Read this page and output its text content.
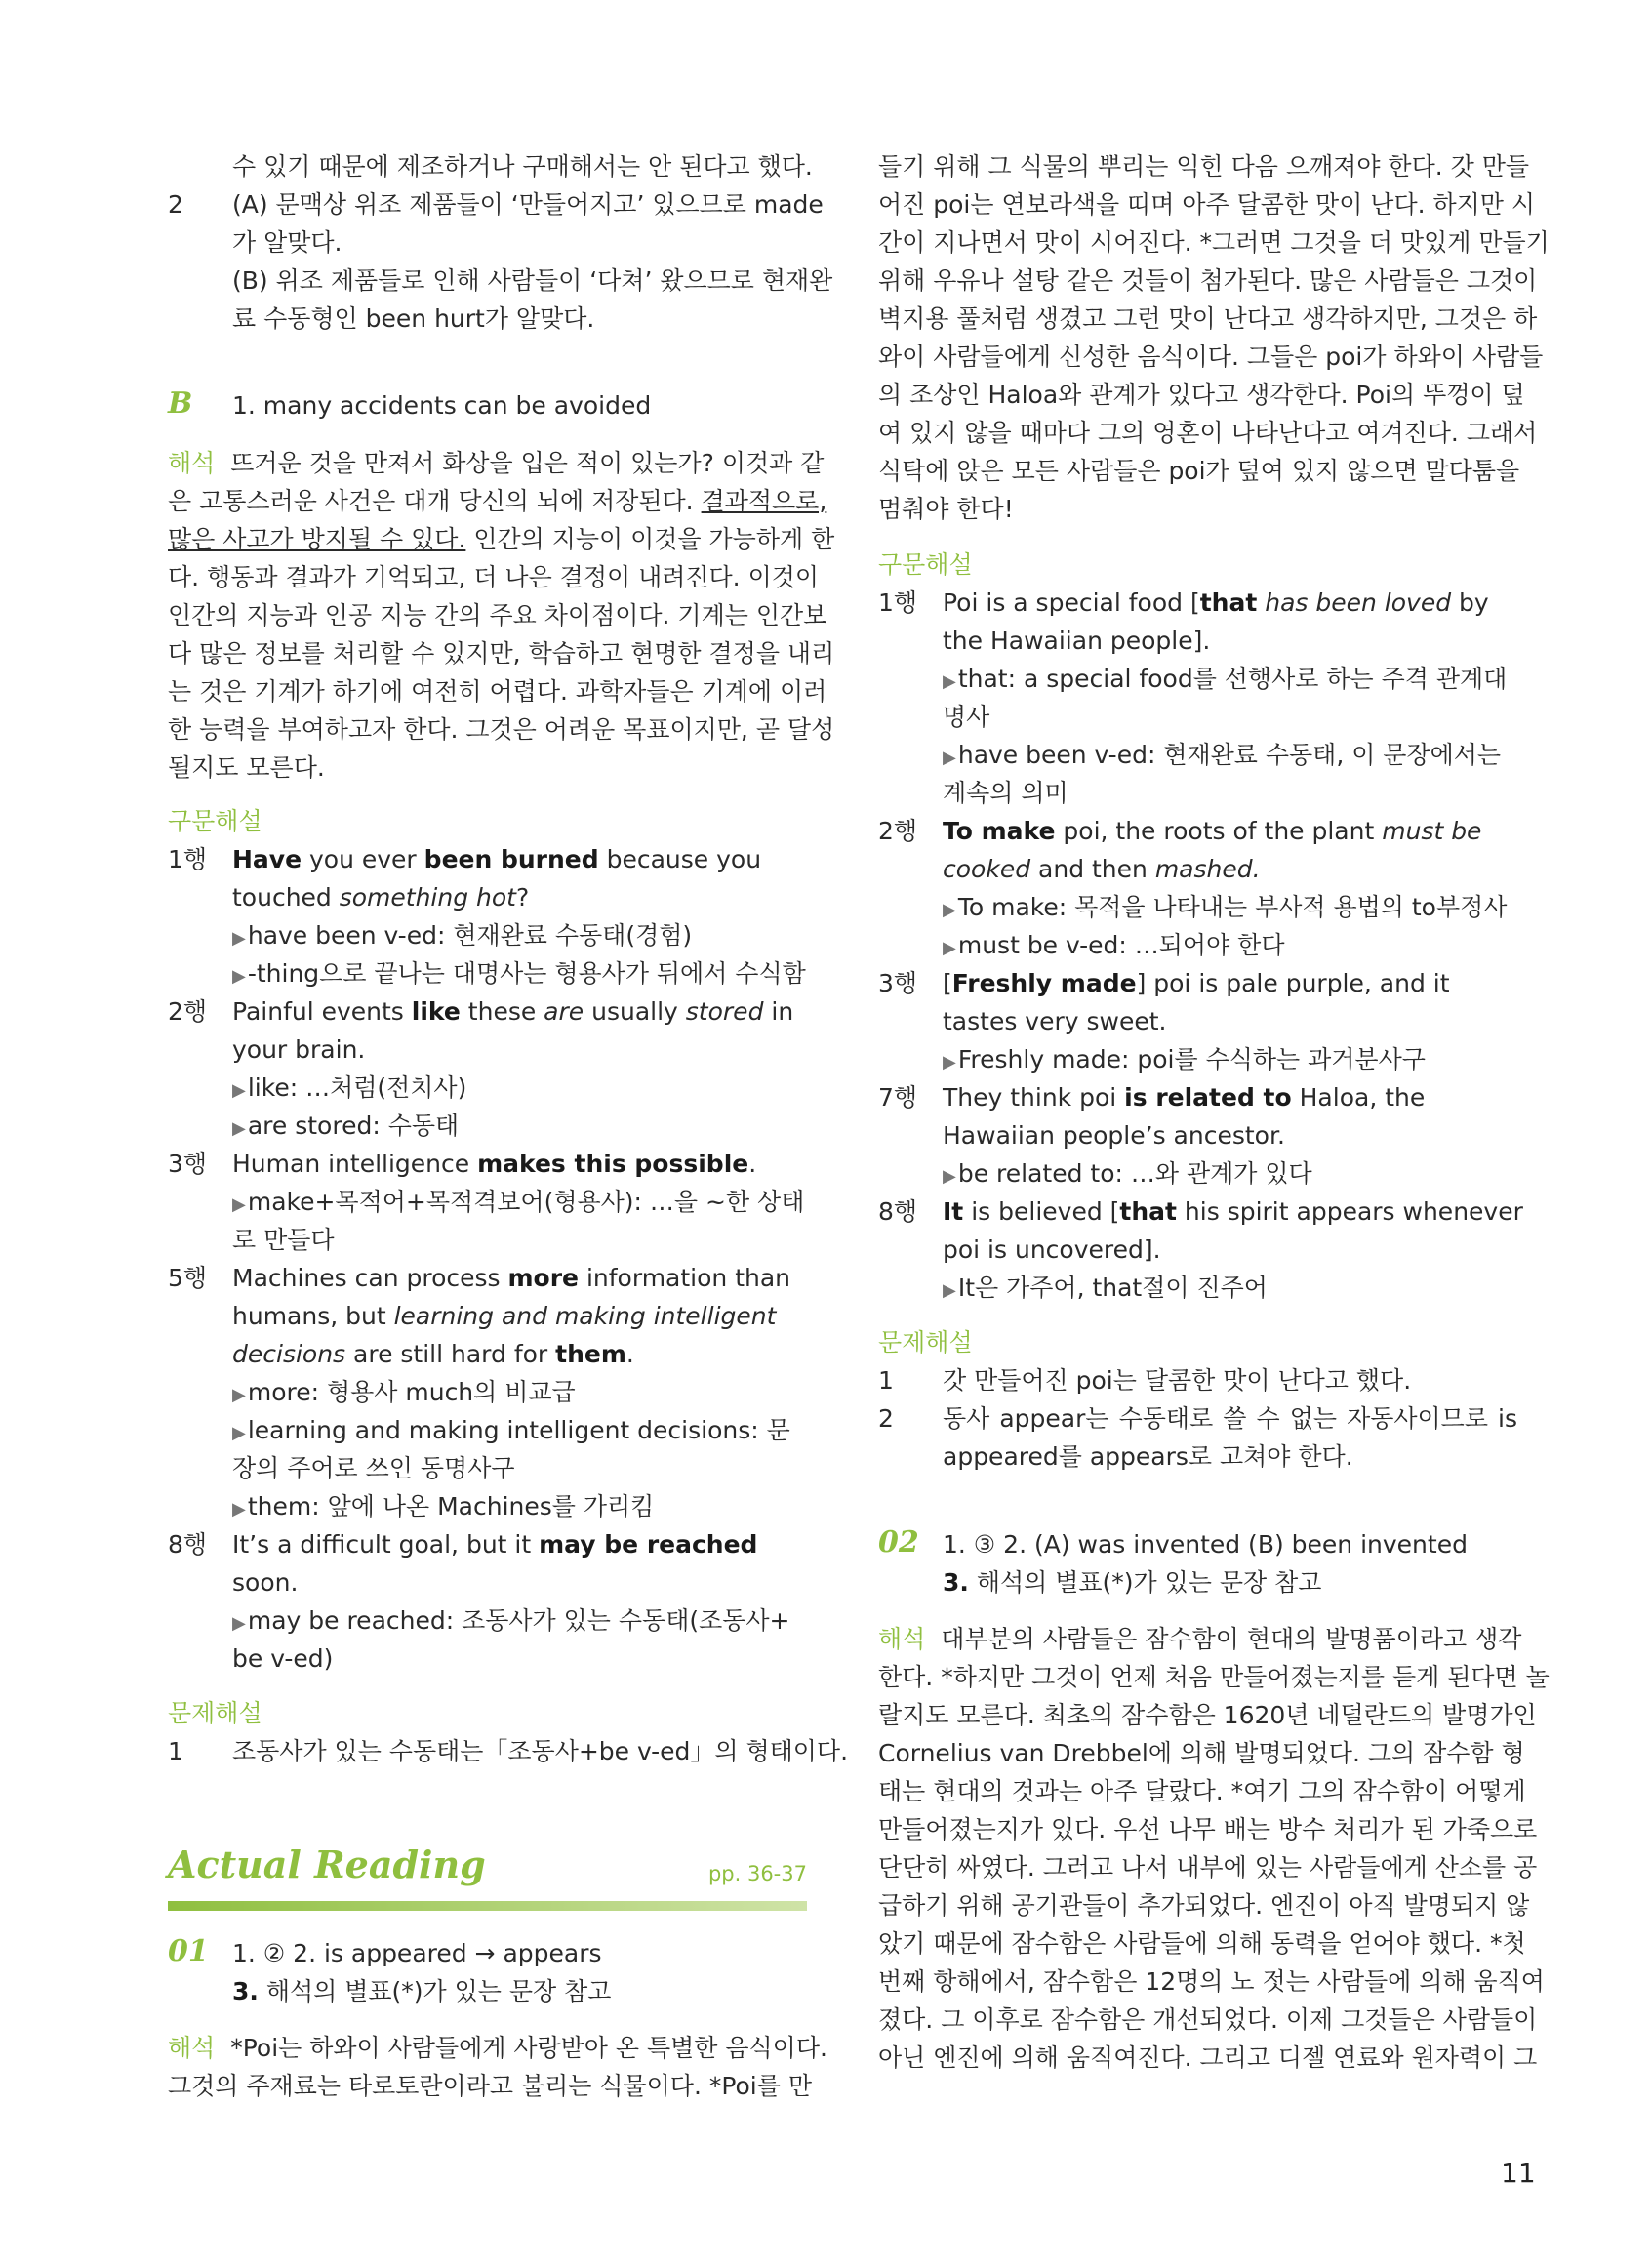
수 있기 때문에 제조하거나 구매해서는 안 된다고 했다.
2	(A) 문맥상 위조 제품들이 ‘만들어지고’ 있으므로 made
가 알맞다.
(B) 위조 제품들로 인해 사람들이 ‘다쳐’ 왔으므로 현재완
료 수동형인 been hurt가 알맞다.
B 1. many accidents can be avoided
해석 뜨거운 것을 만져서 화상을 입은 적이 있는가? 이것과 같
은 고통스러운 사건은 대개 당신의 뇌에 저장된다. 결과적으로,
많은 사고가 방지될 수 있다. 인간의 지능이 이것을 가능하게 한
다. 행동과 결과가 기억되고, 더 나은 결정이 내려진다. 이것이
인간의 지능과 인공 지능 간의 주요 차이점이다. 기계는 인간보
다 많은 정보를 처리할 수 있지만, 학습하고 현명한 결정을 내리
는 것은 기계가 하기에 여전히 어렵다. 과학자들은 기계에 이러
한 능력을 부여하고자 한다. 그것은 어려운 목표이지만, 곧 달성
될지도 모른다.
구문해설
1행	Have you ever been burned because you
touched something hot?
▶have been v-ed: 현재완료 수동태(경험)
▶-thing으로 끝나는 대명사는 형용사가 뒤에서 수식함
2행	Painful events like these are usually stored in
your brain.
▶like: …처럼(전치사)
▶are stored: 수동태
3행	Human intelligence makes this possible.
▶make+목적어+목적격보어(형용사): …을 ~한 상태
로 만들다
5행	Machines can process more information than
humans, but learning and making intelligent
decisions are still hard for them.
▶more: 형용사 much의 비교급
▶learning and making intelligent decisions: 문
장의 주어로 쓰인 동명사구
▶them: 앞에 나온 Machines를 가리킴
8행	It’s a difficult goal, but it may be reached
soon.
▶may be reached: 조동사가 있는 수동태(조동사+
be v-ed)
문제해설
1	조동사가 있는 수동태는「조동사+be v-ed」의 형태이다.
Actual Reading	pp. 36-37
01 1. ② 2. is appeared → appears
3. 해석의 별표(*)가 있는 문장 참고
해석 *Poi는 하와이 사람들에게 사랑받아 온 특별한 음식이다.
그것의 주재료는 타로토란이라고 불리는 식물이다. *Poi를 만
들기 위해 그 식물의 뿌리는 익힌 다음 으깨져야 한다. 갓 만들
어진 poi는 연보라색을 띠며 아주 달콤한 맛이 난다. 하지만 시
간이 지나면서 맛이 시어진다. *그러면 그것을 더 맛있게 만들기
위해 우유나 설탕 같은 것들이 첨가된다. 많은 사람들은 그것이
벽지용 풀처럼 생겼고 그런 맛이 난다고 생각하지만, 그것은 하
와이 사람들에게 신성한 음식이다. 그들은 poi가 하와이 사람들
의 조상인 Haloa와 관계가 있다고 생각한다. Poi의 뚜껑이 덮
여 있지 않을 때마다 그의 영혼이 나타난다고 여겨진다. 그래서
식탁에 앉은 모든 사람들은 poi가 덮여 있지 않으면 말다툼을
멈춰야 한다!
구문해설
1행	Poi is a special food [that has been loved by
the Hawaiian people].
▶that: a special food를 선행사로 하는 주격 관계대
명사
▶have been v-ed: 현재완료 수동태, 이 문장에서는
계속의 의미
2행	To make poi, the roots of the plant must be
cooked and then mashed.
▶To make: 목적을 나타내는 부사적 용법의 to부정사
▶must be v-ed: …되어야 한다
3행	[Freshly made] poi is pale purple, and it
tastes very sweet.
▶Freshly made: poi를 수식하는 과거분사구
7행	They think poi is related to Haloa, the
Hawaiian people’s ancestor.
▶be related to: …와 관계가 있다
8행	It is believed [that his spirit appears whenever
poi is uncovered].
▶It은 가주어, that절이 진주어
문제해설
1	갓 만들어진 poi는 달콤한 맛이 난다고 했다.
2	동사 appear는 수동태로 쓸 수 없는 자동사이므로 is
appeared를 appears로 고쳐야 한다.
02 1. ③ 2. (A) was invented (B) been invented
3. 해석의 별표(*)가 있는 문장 참고
해석 대부분의 사람들은 잠수함이 현대의 발명품이라고 생각
한다. *하지만 그것이 언제 처음 만들어졌는지를 듣게 된다면 놀
랄지도 모른다. 최초의 잠수함은 1620년 네덜란드의 발명가인
Cornelius van Drebbel에 의해 발명되었다. 그의 잠수함 형
태는 현대의 것과는 아주 달랐다. *여기 그의 잠수함이 어떻게
만들어졌는지가 있다. 우선 나무 배는 방수 처리가 된 가죽으로
단단히 싸였다. 그러고 나서 내부에 있는 사람들에게 산소를 공
급하기 위해 공기관들이 추가되었다. 엔진이 아직 발명되지 않
았기 때문에 잠수함은 사람들에 의해 동력을 얻어야 했다. *첫
번째 항해에서, 잠수함은 12명의 노 젓는 사람들에 의해 움직여
졌다. 그 이후로 잠수함은 개선되었다. 이제 그것들은 사람들이
아닌 엔진에 의해 움직여진다. 그리고 디젤 연료와 원자력이 그
11
